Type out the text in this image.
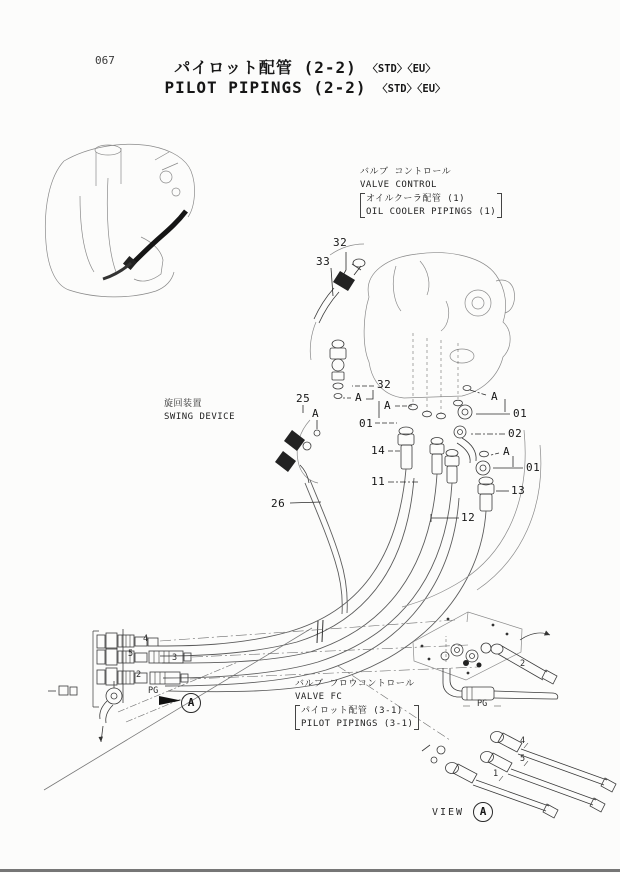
067	パイロット配管 (2-2) 〈STD〉〈EU〉
PILOT PIPINGS (2-2) 〈STD〉〈EU〉
バルブ コントロール
VALVE CONTROL
オイルクーラ配管 (1)
OIL COOLER PIPINGS (1)
旋回装置
SWING DEVICE
バルブ フロウコントロール
VALVE FC
パイロット配管 (3-1)
PILOT PIPINGS (3-1)
32
33
32
A
25
A
A
01
A
01
02
14	A
01
11
13
12
26
PG
PG
4
5	3
2
2
4
5
1
A
VIEW	A
